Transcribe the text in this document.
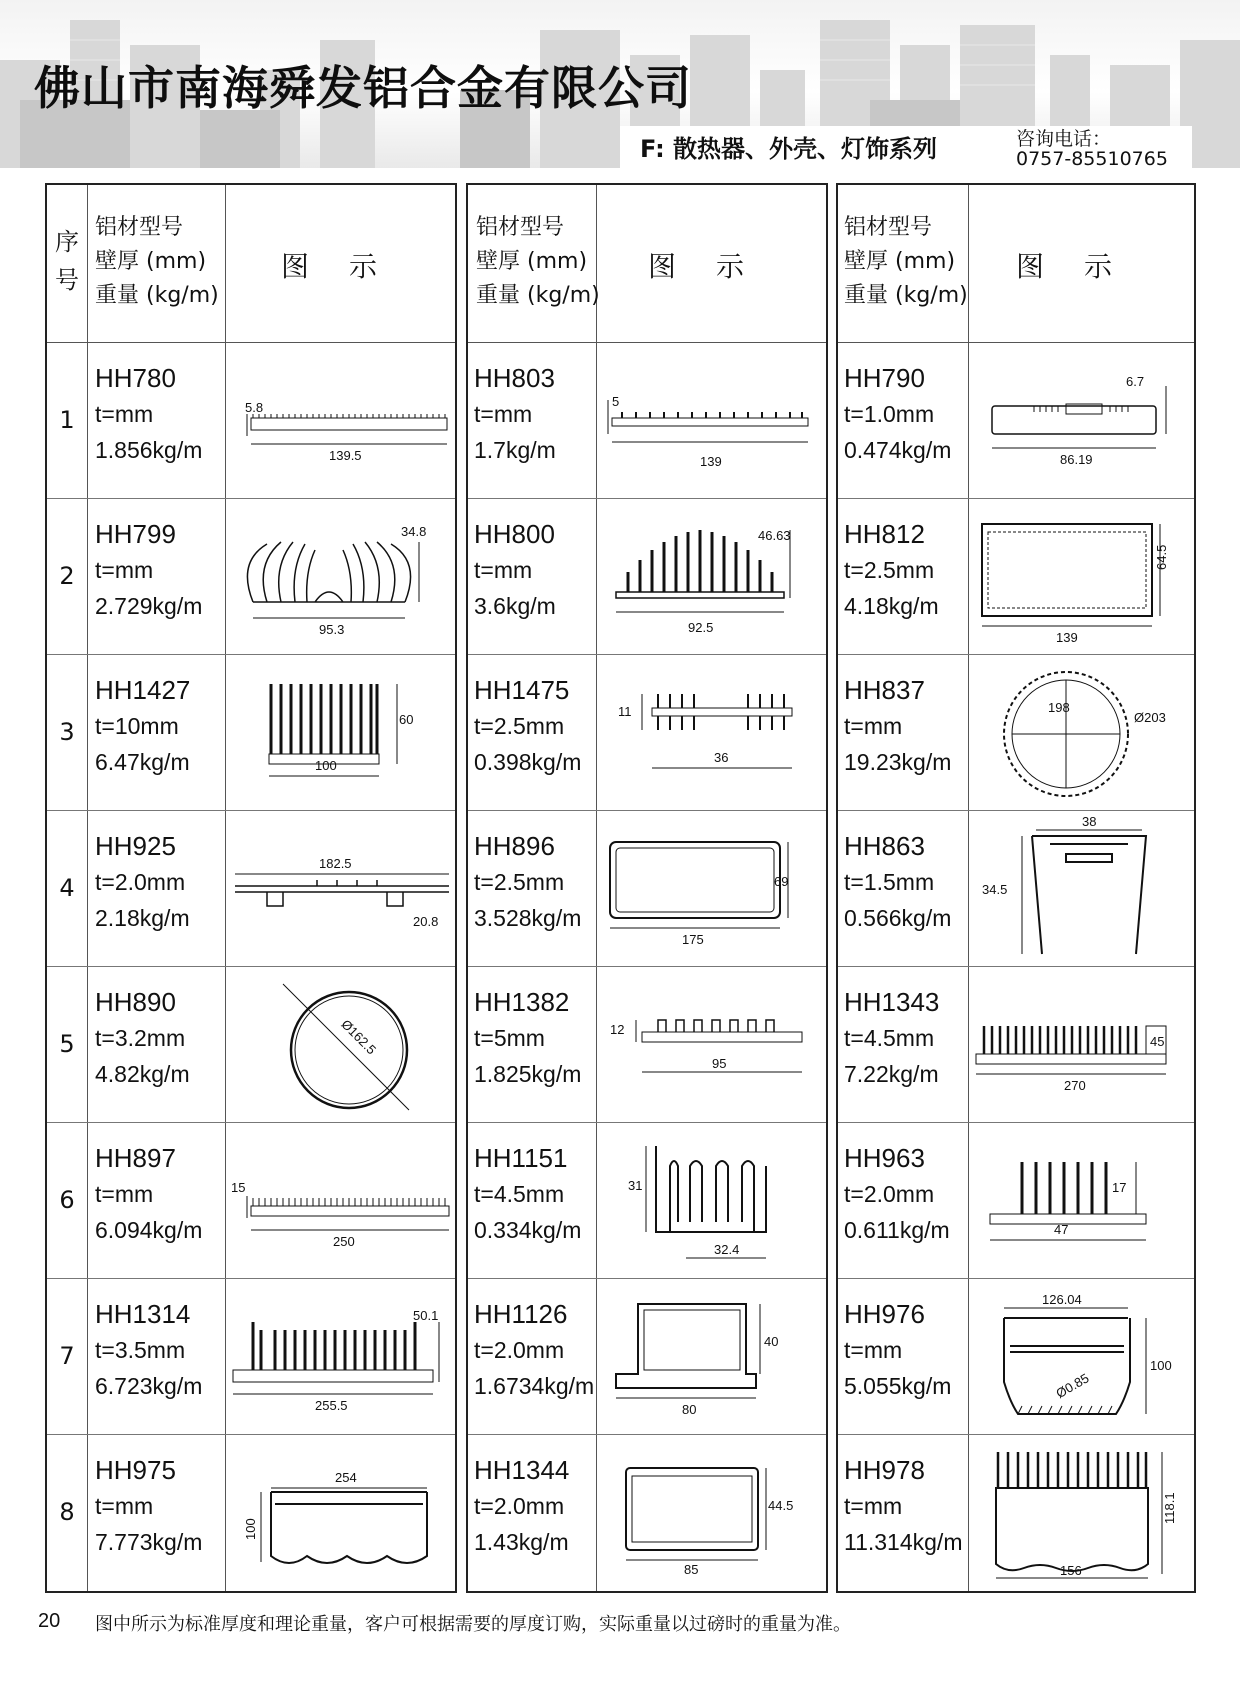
佛山市南海舜发铝合金有限公司
F: 散热器、外壳、灯饰系列	咨询电话：
0757-85510765
序
号
铝材型号
壁厚 (mm)
重量 (kg/m)
图示
1
HH780
t=mm
1.856kg/m
5.8
139.5
2
HH799
t=mm
2.729kg/m
34.8
95.3
3
HH1427
t=10mm
6.47kg/m
60
100
4
HH925
t=2.0mm
2.18kg/m
182.5
20.8
5
HH890
t=3.2mm
4.82kg/m
Ø162.5
6
HH897
t=mm
6.094kg/m
15
250
7
HH1314
t=3.5mm
6.723kg/m
50.1
255.5
8
HH975
t=mm
7.773kg/m
254
100
铝材型号
壁厚 (mm)
重量 (kg/m)
图示
HH803
t=mm
1.7kg/m
5
139
HH800
t=mm
3.6kg/m
46.63
92.5
HH1475
t=2.5mm
0.398kg/m
11
36
HH896
t=2.5mm
3.528kg/m
69
175
HH1382
t=5mm
1.825kg/m
12
95
HH1151
t=4.5mm
0.334kg/m
31
32.4
HH1126
t=2.0mm
1.6734kg/m
40
80
HH1344
t=2.0mm
1.43kg/m
44.5
85
铝材型号
壁厚 (mm)
重量 (kg/m)
图示
HH790
t=1.0mm
0.474kg/m
6.7
86.19
HH812
t=2.5mm
4.18kg/m
64.5
139
HH837
t=mm
19.23kg/m
198
Ø203
HH863
t=1.5mm
0.566kg/m
38
34.5
HH1343
t=4.5mm
7.22kg/m
45
270
HH963
t=2.0mm
0.611kg/m
17
47
HH976
t=mm
5.055kg/m
126.04
100
Ø0.85
HH978
t=mm
11.314kg/m
118.1
156
20 图中所示为标准厚度和理论重量，客户可根据需要的厚度订购，实际重量以过磅时的重量为准。
